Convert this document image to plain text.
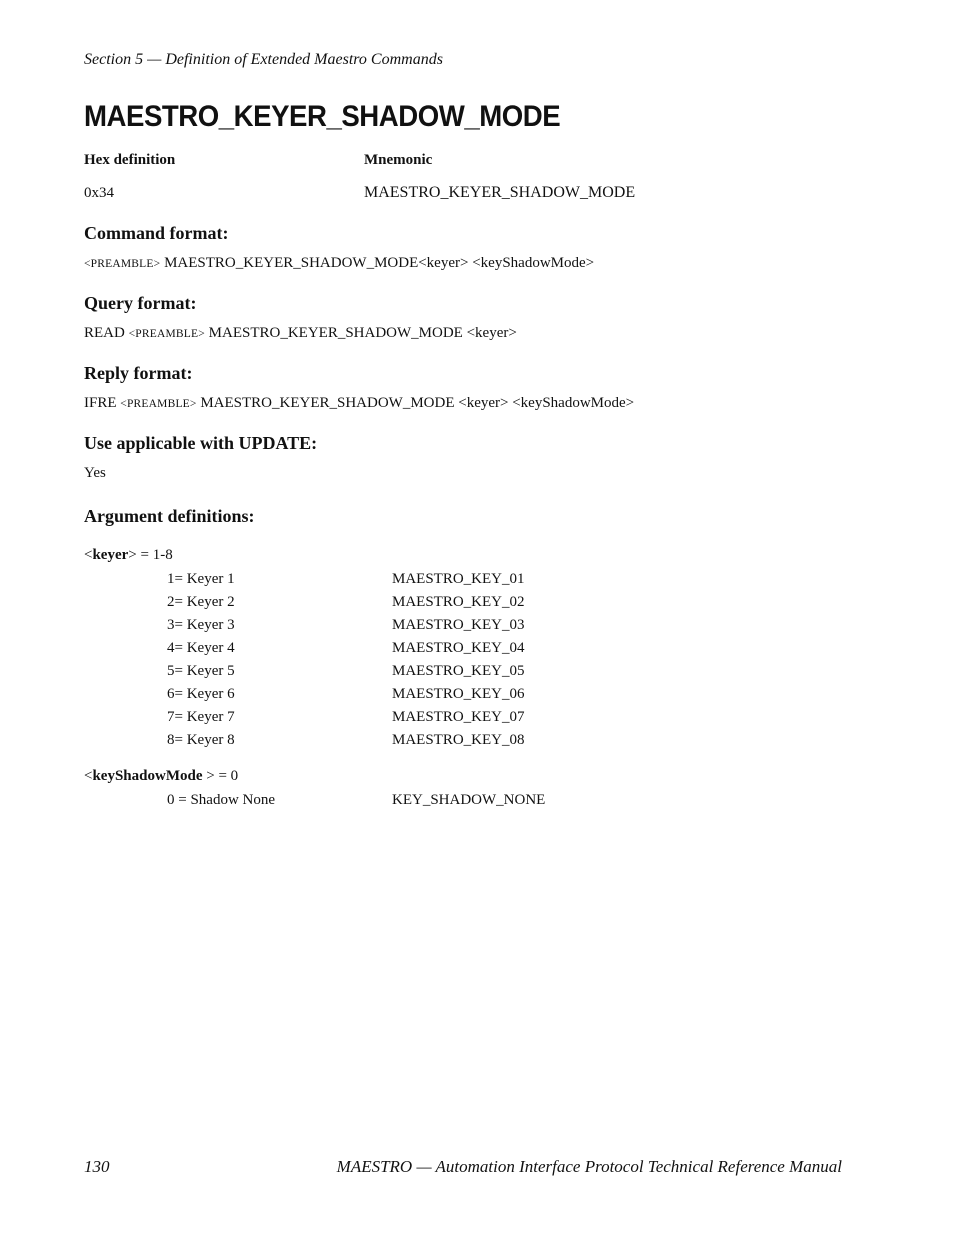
Section 5 — Definition of Extended Maestro Commands
MAESTRO_KEYER_SHADOW_MODE
Hex definition	Mnemonic
0x34	MAESTRO_KEYER_SHADOW_MODE
Command format:
<PREAMBLE> MAESTRO_KEYER_SHADOW_MODE<keyer> <keyShadowMode>
Query format:
READ <PREAMBLE> MAESTRO_KEYER_SHADOW_MODE <keyer>
Reply format:
IFRE <PREAMBLE> MAESTRO_KEYER_SHADOW_MODE <keyer> <keyShadowMode>
Use applicable with UPDATE:
Yes
Argument definitions:
<keyer> = 1-8
1= Keyer 1	MAESTRO_KEY_01
2= Keyer 2	MAESTRO_KEY_02
3= Keyer 3	MAESTRO_KEY_03
4= Keyer 4	MAESTRO_KEY_04
5= Keyer 5	MAESTRO_KEY_05
6= Keyer 6	MAESTRO_KEY_06
7= Keyer 7	MAESTRO_KEY_07
8= Keyer 8	MAESTRO_KEY_08
<keyShadowMode > = 0
0 = Shadow None	KEY_SHADOW_NONE
130	MAESTRO — Automation Interface Protocol Technical Reference Manual
